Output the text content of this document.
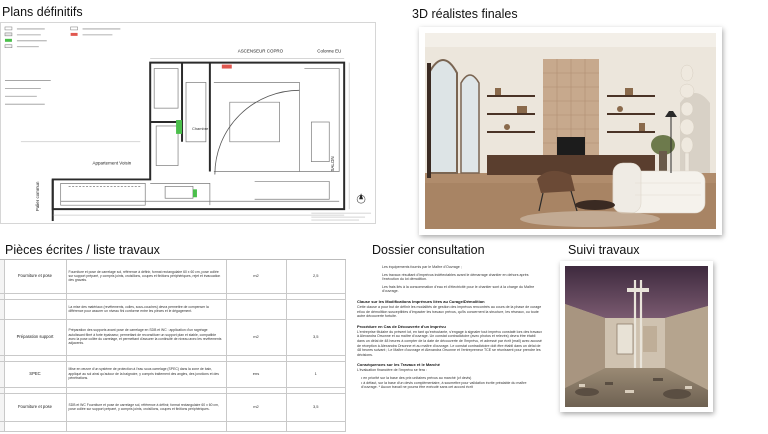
Plans définitifs	3D réalistes finales
Pièces écrites / liste travaux	Dossier consultation	Suivi travaux
ASCENSEUR COPRO	Colonne EU
Appartement Voisin
Chambre
Palier commun
SALON
	Fourniture et pose	Fourniture et pose de carrelage sol, référence à définir, format rectangulaire 60 x 60 cm, pose collée sur support préparé, y compris joints, croisillons, coupes et finitions périphériques, rejet et évacuation des gravats.	m2	2,5

		La mise des matériaux (revêtements, colles, sous-couches) devra permettre de compenser la différence pour assurer un niveau fini conforme entre les pièces et le dégagement.		
	Préparation support	Préparation des supports avant pose de carrelage en SDB et WC : application d'un ragréage autolissant fibré à forte épaisseur, permettant de reconstituer un support plan et stable, compatible avec la pose collée du carrelage, et permettant d'assurer la continuité de niveau avec les revêtements adjacents.	m2	3,5

	SPEC	Mise en œuvre d'un système de protection à l'eau sous carrelage (SPEC) dans la zone de bain, appliqué au sol ainsi qu'autour de la baignoire, y compris traitement des angles, des jonctions et des pénétrations.	ens	1

	Fourniture et pose	SDB et WC Fourniture et pose de carrelage sol, référence à définir, format rectangulaire 60 x 60 cm, pose collée sur support préparé, y compris joints, croisillons, coupes et finitions périphériques.	m2	3,5

Les équipements fournis par le Maître d'Ouvrage ;
Les travaux résultant d'imprévus indétectables avant le démarrage chantier en dehors après l'exécution du lot démolition.
Les frais liés à la consommation d'eau et d'électricité pour le chantier sont à la charge du Maître d'ouvrage.
Clause sur les Modifications Imprévues liées au Curage/Démolition

Cette clause a pour but de définir les modalités de gestion des imprévus rencontrés au cours de la phase de curage et/ou de démolition susceptibles d'impacter les travaux prévus, qu'ils concernent la structure, les réseaux, ou toute autre découverte fortuite.

Procédure en Cas de Découverte d'un Imprévu

L'entreprise titulaire du présent lot, en tant qu'exécutante, s'engage à signaler tout imprévu constaté lors des travaux à Alexandra Orsonne et au maître d'ouvrage. Un constat contradictoire (avec photos et relevés) devra être établi dans un délai de 48 heures à compter de la date de découverte de l'imprévu, et adressé par écrit (mail) avec accusé de réception à Alexandra Orsonne et au maître d'ouvrage. Le constat contradictoire doit être établi dans un délai de 48 heures suivant ; Le Maître d'ouvrage et Alexandra Orsonne et l'entrepreneur TCE se réunissent pour prendre les décisions.

Conséquences sur les Travaux et le Marché

L'évaluation financière de l'imprévu se fera :

• en priorité sur la base des prix unitaires prévus au marché (cf devis)
• à défaut, sur la base d'un devis complémentaire, à soumettre pour validation écrite préalable du maître d'ouvrage. * Aucun travail ne pourra être exécuté sans cet accord écrit
